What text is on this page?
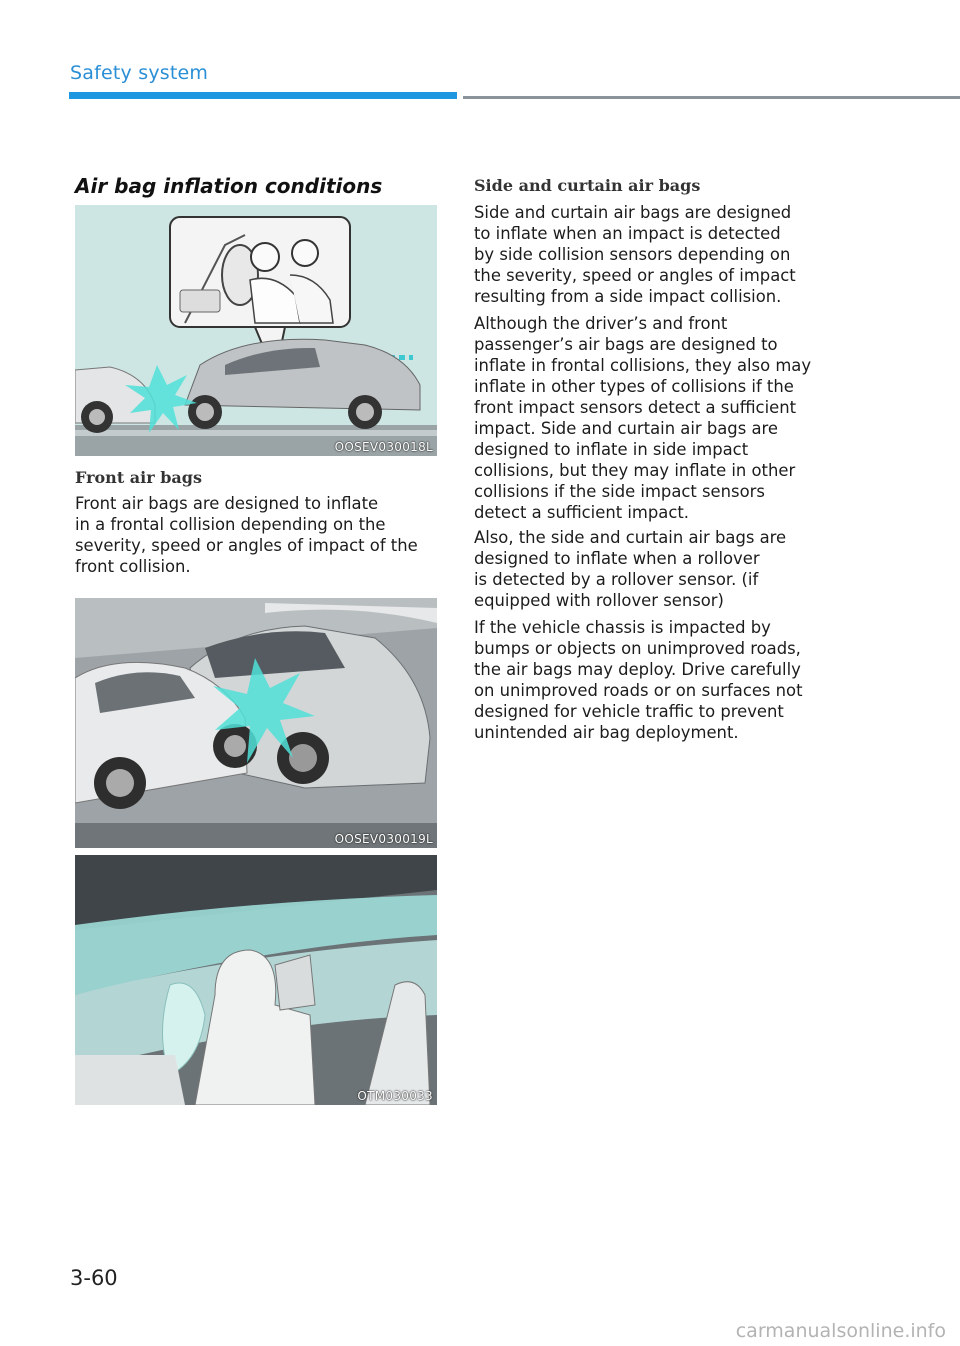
Safety system
Air bag inflation conditions
OOSEV030018L
Front air bags

Front air bags are designed to inflate
in a frontal collision depending on the
severity, speed or angles of impact of the
front collision.

OOSEV030019L
OTM030033
Side and curtain air bags

Side and curtain air bags are designed
to inflate when an impact is detected
by side collision sensors depending on
the severity, speed or angles of impact
resulting from a side impact collision.

Although the driver’s and front
passenger’s air bags are designed to
inflate in frontal collisions, they also may
inflate in other types of collisions if the
front impact sensors detect a sufficient
impact. Side and curtain air bags are
designed to inflate in side impact
collisions, but they may inflate in other
collisions if the side impact sensors
detect a sufficient impact.

Also, the side and curtain air bags are
designed to inflate when a rollover
is detected by a rollover sensor. (if
equipped with rollover sensor)

If the vehicle chassis is impacted by
bumps or objects on unimproved roads,
the air bags may deploy. Drive carefully
on unimproved roads or on surfaces not
designed for vehicle traffic to prevent
unintended air bag deployment.

3-60
carmanualsonline.info
